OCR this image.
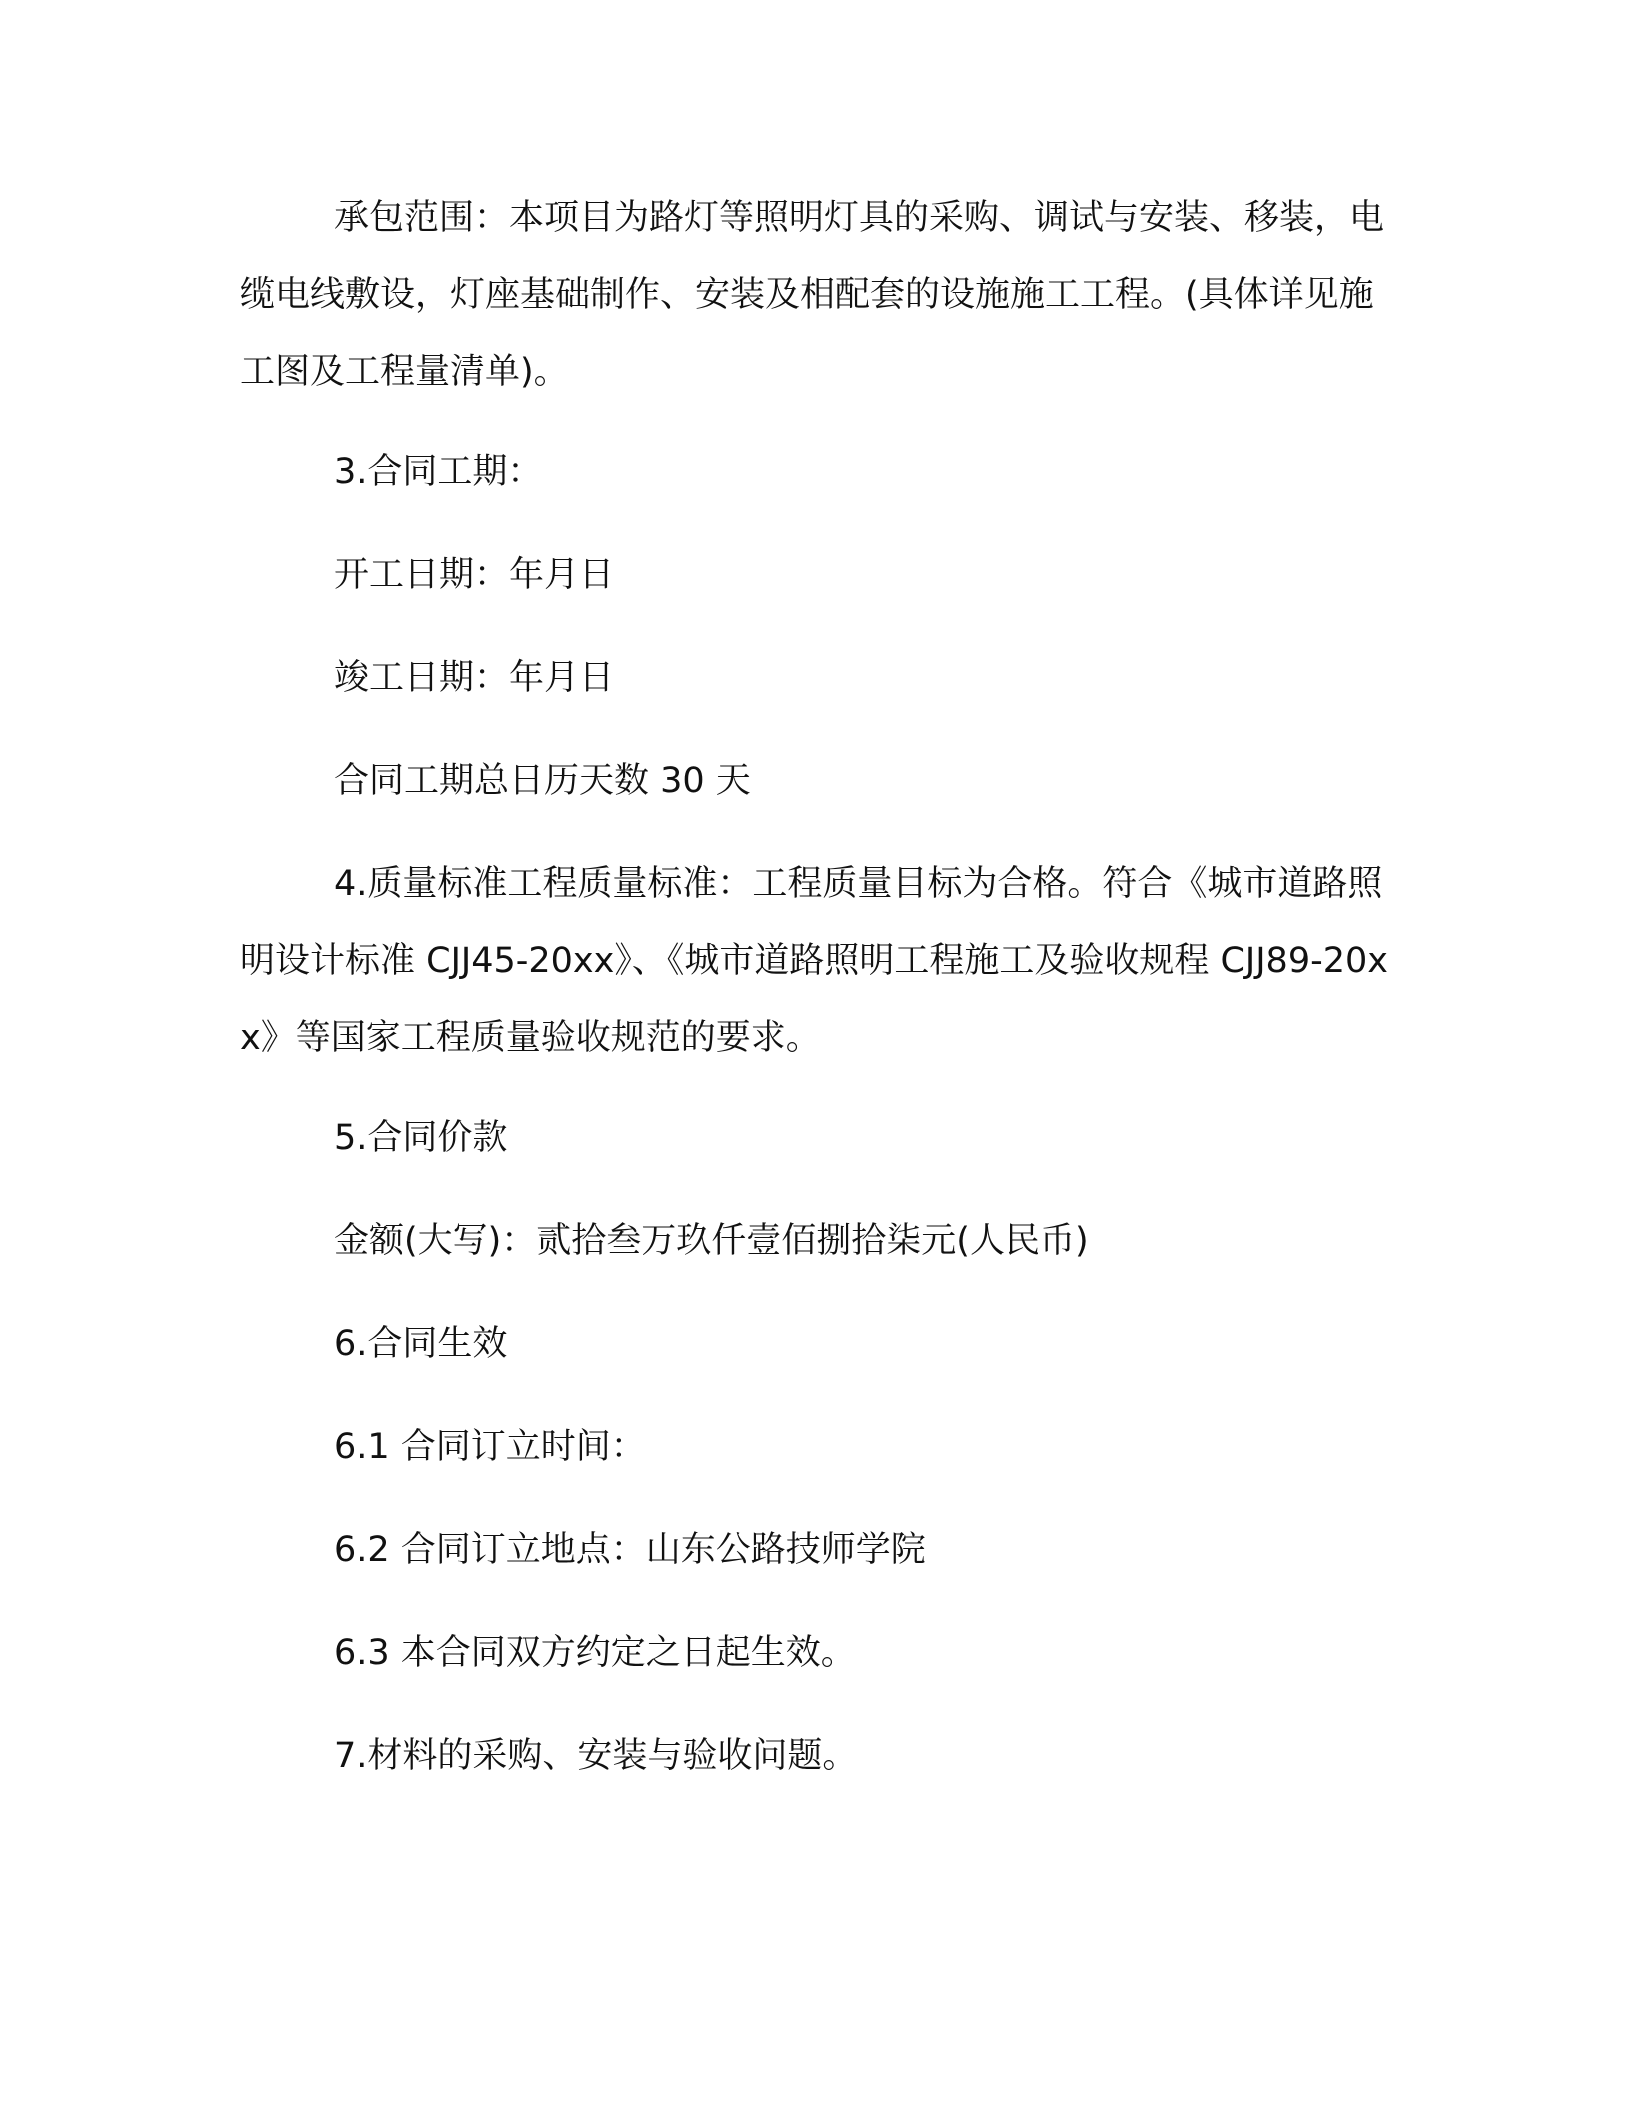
承包范围：本项目为路灯等照明灯具的采购、调试与安装、移装，电缆电线敷设，灯座基础制作、安装及相配套的设施施工工程。(具体详见施工图及工程量清单)。

3.合同工期：

开工日期：年月日

竣工日期：年月日

合同工期总日历天数 30 天

4.质量标准工程质量标准：工程质量目标为合格。符合《城市道路照明设计标准 CJJ45-20xx》、《城市道路照明工程施工及验收规程 CJJ89-20xx》等国家工程质量验收规范的要求。

5.合同价款

金额(大写)：贰拾叁万玖仟壹佰捌拾柒元(人民币)

6.合同生效

6.1 合同订立时间：

6.2 合同订立地点：山东公路技师学院

6.3 本合同双方约定之日起生效。

7.材料的采购、安装与验收问题。
